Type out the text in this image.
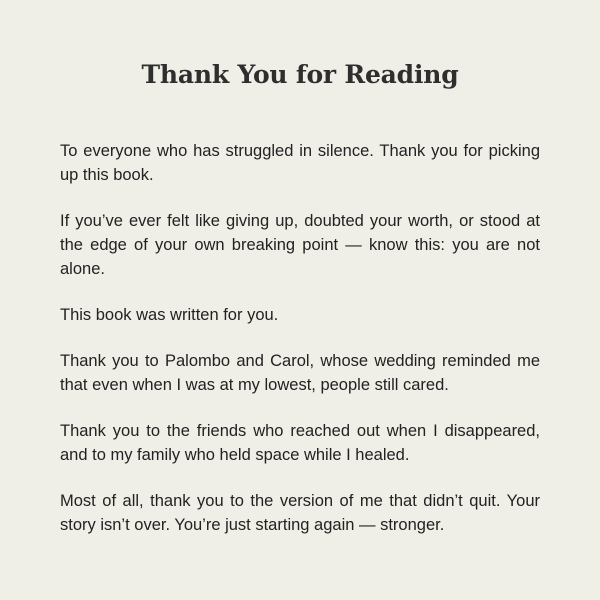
Thank You for Reading

To everyone who has struggled in silence. Thank you for picking up this book.

If you’ve ever felt like giving up, doubted your worth, or stood at the edge of your own breaking point — know this: you are not alone.

This book was written for you.

Thank you to Palombo and Carol, whose wedding reminded me that even when I was at my lowest, people still cared.

Thank you to the friends who reached out when I disappeared, and to my family who held space while I healed.

Most of all, thank you to the version of me that didn’t quit. Your story isn’t over. You’re just starting again — stronger.
